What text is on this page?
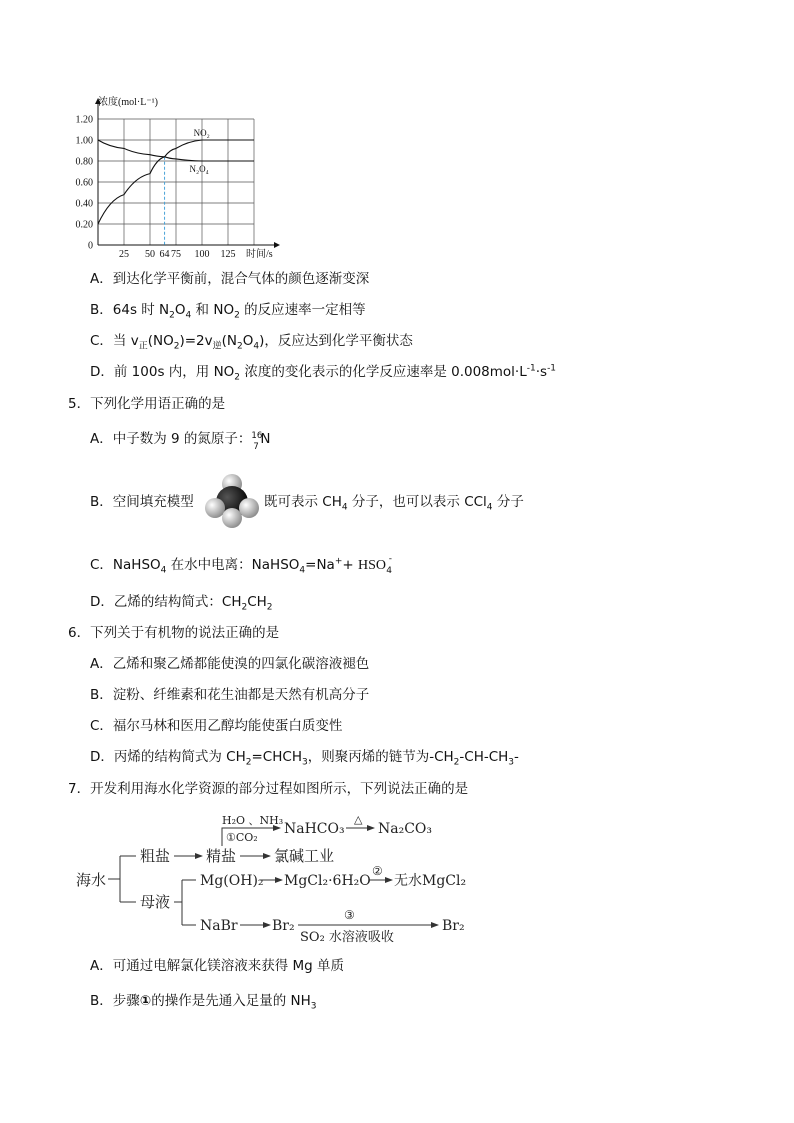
1.20
1.00
0.80
0.60
0.40
0.20
0
25 50 64 75 100 125
NO₂
N₂O₄
浓度(mol·L⁻¹)
时间/s
A．到达化学平衡前，混合气体的颜色逐渐变深
B．64s 时 $N_2O_4$ 和 $NO_2$ 的反应速率一定相等
C．当 $v_正(NO_2)=2v_逆(N_2O_4)$，反应达到化学平衡状态
D．前 100s 内，用 $NO_2$ 浓度的变化表示的化学反应速率是 $0.008mol\cdot L^{-1}\cdot s^{-1}$
5．下列化学用语正确的是
A．中子数为 9 的氮原子： 16
7 N
B．空间填充模型	既可表示 $CH_4$ 分子，也可以表示 CCl$_4$ 分子
C．NaHSO$_4$ 在水中电离：NaHSO$_4$=Na++ HSO -
4
D．乙烯的结构简式：$CH_2CH_2$
6．下列关于有机物的说法正确的是
A．乙烯和聚乙烯都能使溴的四氯化碳溶液褪色
B．淀粉、纤维素和花生油都是天然有机高分子
C．福尔马林和医用乙醇均能使蛋白质变性
D．丙烯的结构简式为 $CH_2=CHCH_3$，则聚丙烯的链节为$-CH_2-CH-CH_3-$
7．开发利用海水化学资源的部分过程如图所示，下列说法正确的是
海水
粗盐 精盐	氯碱工业
H₂O 、NH₃
①CO₂
NaHCO₃
△
Na₂CO₃
母液
Mg(OH)₂ MgCl₂·6H₂O
②
无水MgCl₂
NaBr Br₂
③
SO₂ 水溶液吸收
Br₂
A．可通过电解氯化镁溶液来获得 Mg 单质
B．步骤①的操作是先通入足量的 $NH_3$
